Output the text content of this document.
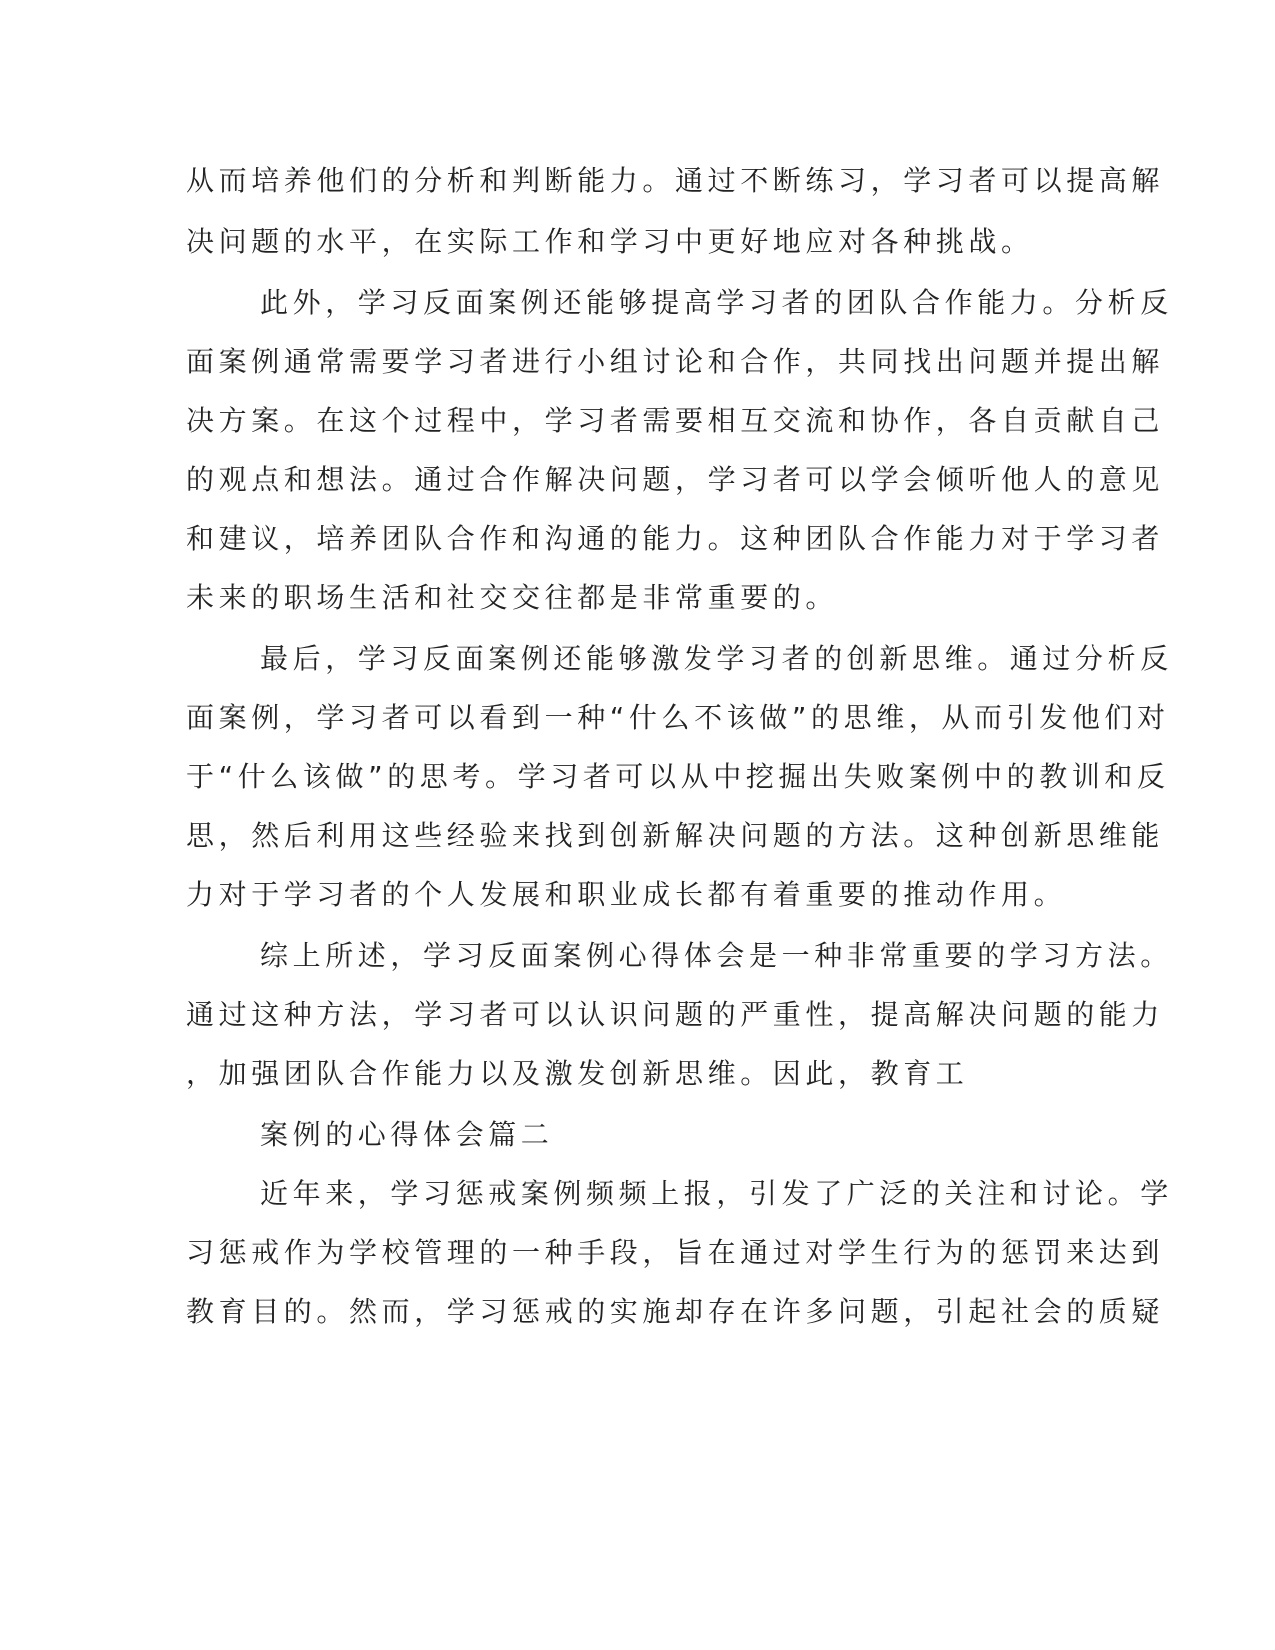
从而培养他们的分析和判断能力。通过不断练习，学习者可以提高解

决问题的水平，在实际工作和学习中更好地应对各种挑战。

此外，学习反面案例还能够提高学习者的团队合作能力。分析反

面案例通常需要学习者进行小组讨论和合作，共同找出问题并提出解

决方案。在这个过程中，学习者需要相互交流和协作，各自贡献自己

的观点和想法。通过合作解决问题，学习者可以学会倾听他人的意见

和建议，培养团队合作和沟通的能力。这种团队合作能力对于学习者

未来的职场生活和社交交往都是非常重要的。

最后，学习反面案例还能够激发学习者的创新思维。通过分析反

面案例，学习者可以看到一种“什么不该做”的思维，从而引发他们对

于“什么该做”的思考。学习者可以从中挖掘出失败案例中的教训和反

思，然后利用这些经验来找到创新解决问题的方法。这种创新思维能

力对于学习者的个人发展和职业成长都有着重要的推动作用。

综上所述，学习反面案例心得体会是一种非常重要的学习方法。

通过这种方法，学习者可以认识问题的严重性，提高解决问题的能力

，加强团队合作能力以及激发创新思维。因此，教育工

案例的心得体会篇二

近年来，学习惩戒案例频频上报，引发了广泛的关注和讨论。学

习惩戒作为学校管理的一种手段，旨在通过对学生行为的惩罚来达到

教育目的。然而，学习惩戒的实施却存在许多问题，引起社会的质疑
